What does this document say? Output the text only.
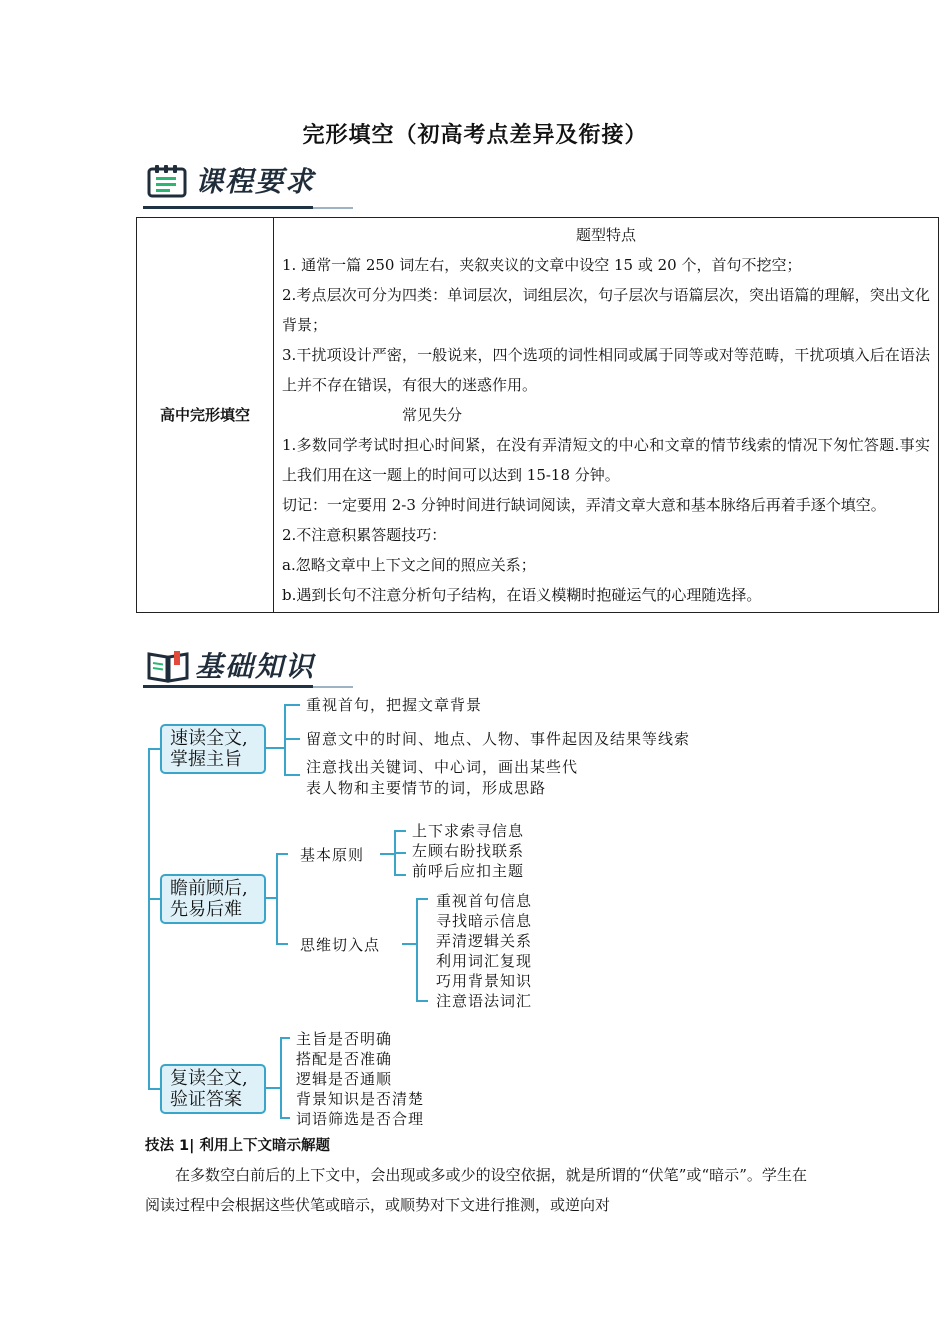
完形填空（初高考点差异及衔接）
课程要求
高中完形填空	
题型特点
1. 通常一篇 250 词左右，夹叙夹议的文章中设空 15 或 20 个，首句不挖空；
2.考点层次可分为四类：单词层次，词组层次，句子层次与语篇层次，突出语篇的理解，突出文化背景；
3.干扰项设计严密，一般说来，四个选项的词性相同或属于同等或对等范畴，干扰项填入后在语法上并不存在错误，有很大的迷惑作用。
常见失分
1.多数同学考试时担心时间紧，在没有弄清短文的中心和文章的情节线索的情况下匆忙答题.事实上我们用在这一题上的时间可以达到 15-18 分钟。
切记：一定要用 2-3 分钟时间进行缺词阅读，弄清文章大意和基本脉络后再着手逐个填空。
2.不注意积累答题技巧：
a.忽略文章中上下文之间的照应关系；
b.遇到长句不注意分析句子结构，在语义模糊时抱碰运气的心理随选择。
基础知识
速读全文,
掌握主旨
重视首句，把握文章背景
留意文中的时间、地点、人物、事件起因及结果等线索
注意找出关键词、中心词，画出某些代
表人物和主要情节的词，形成思路
瞻前顾后,
先易后难
基本原则
上下求索寻信息
左顾右盼找联系
前呼后应扣主题
思维切入点
重视首句信息
寻找暗示信息
弄清逻辑关系
利用词汇复现
巧用背景知识
注意语法词汇
复读全文,
验证答案
主旨是否明确
搭配是否准确
逻辑是否通顺
背景知识是否清楚
词语筛选是否合理
技法 1| 利用上下文暗示解题
在多数空白前后的上下文中，会出现或多或少的设空依据，就是所谓的“伏笔”或“暗示”。学生在阅读过程中会根据这些伏笔或暗示，或顺势对下文进行推测，或逆向对
